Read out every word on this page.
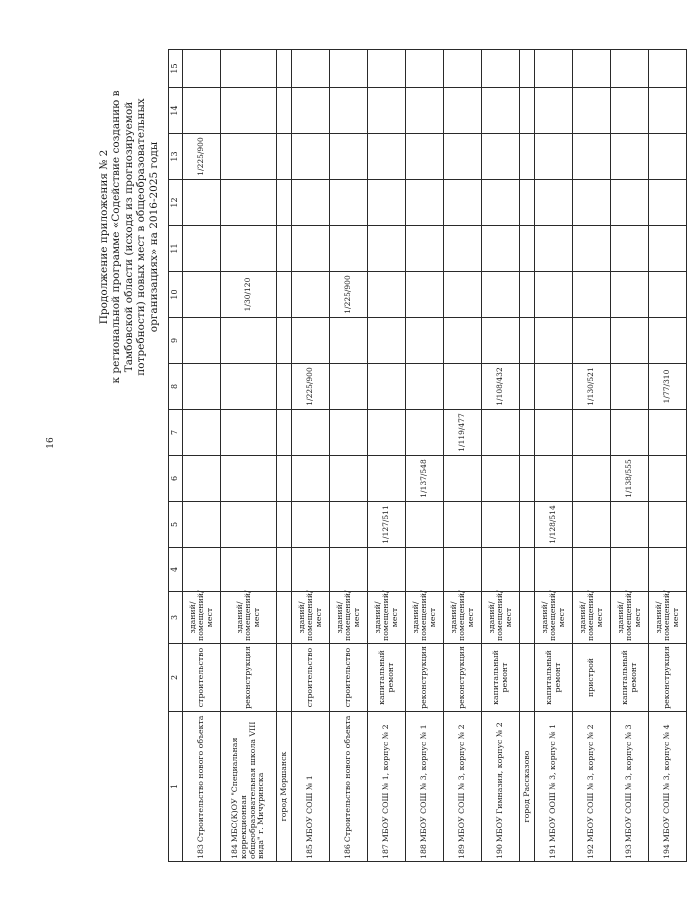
16
Продолжение приложения № 2 к региональной программе «Содействие созданию в Тамбовской области (исходя из прогнозируемой потребности) новых мест в общеобразовательных организациях» на 2016-2025 годы
1	2	3	4	5	6	7	8	9	10	11	12	13	14	15
183Строительство нового объекта	строительство	зданий/ помещений/ мест										1/225/900		
184МБС(К)ОУ "Специальная коррекционная общеобразовательная школа VIII вида" г. Мичуринска	реконструкция	зданий/ помещений/ мест							1/30/120					
город Моршанск														
185МБОУ СОШ № 1	строительство	зданий/ помещений/ мест					1/225/900							
186Строительство нового объекта	строительство	зданий/ помещений/ мест							1/225/900					
187МБОУ СОШ № 1, корпус № 2	капитальный ремонт	зданий/ помещений/ мест		1/127/511										
188МБОУ СОШ № 3, корпус № 1	реконструкция	зданий/ помещений/ мест			1/137/548									
189МБОУ СОШ № 3, корпус № 2	реконструкция	зданий/ помещений/ мест				1/119/477								
190МБОУ Гимназия, корпус № 2	капитальный ремонт	зданий/ помещений/ мест					1/108/432							
город Рассказово														
191МБОУ ООШ № 3, корпус № 1	капитальный ремонт	зданий/ помещений/ мест		1/128/514										
192МБОУ СОШ № 3, корпус № 2	пристрой	зданий/ помещений/ мест					1/130/521							
193МБОУ СОШ № 3, корпус № 3	капитальный ремонт	зданий/ помещений/ мест			1/138/555									
194МБОУ СОШ № 3, корпус № 4	реконструкция	зданий/ помещений/ мест					1/77/310							
